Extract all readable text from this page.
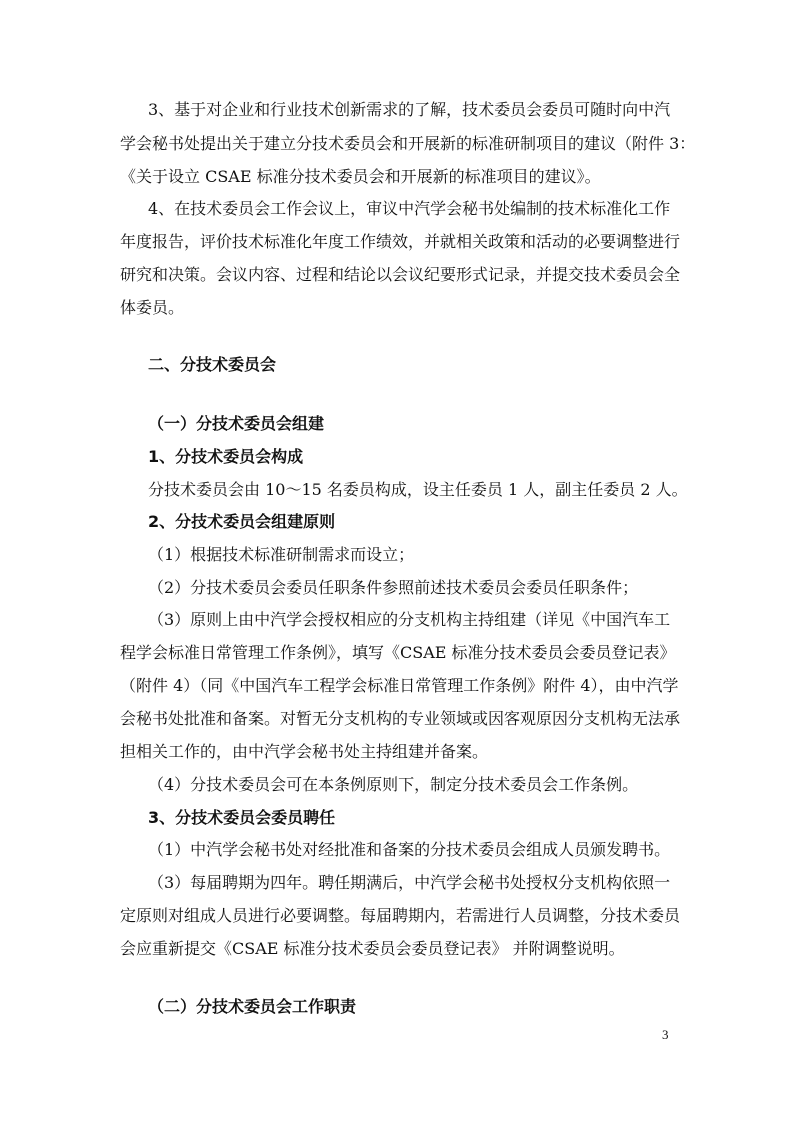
3、基于对企业和行业技术创新需求的了解，技术委员会委员可随时向中汽
学会秘书处提出关于建立分技术委员会和开展新的标准研制项目的建议（附件 3：
《关于设立 CSAE 标准分技术委员会和开展新的标准项目的建议》。
4、在技术委员会工作会议上，审议中汽学会秘书处编制的技术标准化工作
年度报告，评价技术标准化年度工作绩效，并就相关政策和活动的必要调整进行
研究和决策。会议内容、过程和结论以会议纪要形式记录，并提交技术委员会全
体委员。
二、分技术委员会
（一）分技术委员会组建
1、分技术委员会构成
分技术委员会由 10～15 名委员构成，设主任委员 1 人，副主任委员 2 人。
2、分技术委员会组建原则
（1）根据技术标准研制需求而设立；
（2）分技术委员会委员任职条件参照前述技术委员会委员任职条件；
（3）原则上由中汽学会授权相应的分支机构主持组建（详见《中国汽车工
程学会标准日常管理工作条例》，填写《CSAE 标准分技术委员会委员登记表》
（附件 4）（同《中国汽车工程学会标准日常管理工作条例》附件 4），由中汽学
会秘书处批准和备案。对暂无分支机构的专业领域或因客观原因分支机构无法承
担相关工作的，由中汽学会秘书处主持组建并备案。
（4）分技术委员会可在本条例原则下，制定分技术委员会工作条例。
3、分技术委员会委员聘任
（1）中汽学会秘书处对经批准和备案的分技术委员会组成人员颁发聘书。
（3）每届聘期为四年。聘任期满后，中汽学会秘书处授权分支机构依照一
定原则对组成人员进行必要调整。每届聘期内，若需进行人员调整，分技术委员
会应重新提交《CSAE 标准分技术委员会委员登记表》 并附调整说明。
（二）分技术委员会工作职责
3
